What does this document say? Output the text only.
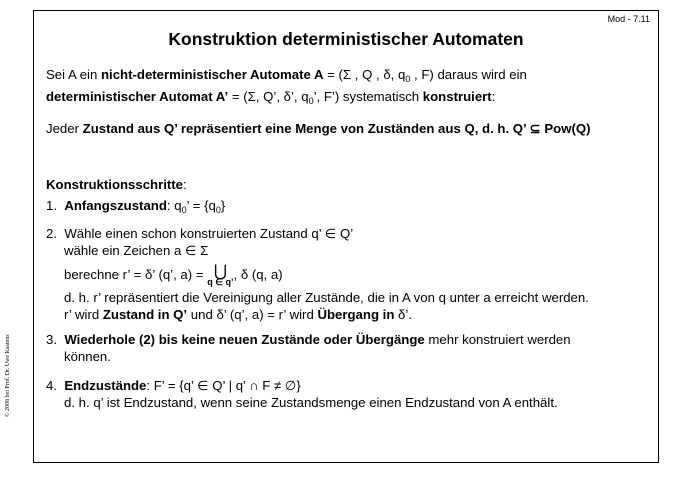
Mod - 7.11
Konstruktion deterministischer Automaten
Sei A ein nicht-deterministischer Automate A = (Σ , Q , δ, $q_0$ , F) daraus wird ein
deterministischer Automat A’ = (Σ, Q’, δ’, $q_0$’, F’) systematisch konstruiert:
Jeder Zustand aus Q’ repräsentiert eine Menge von Zuständen aus Q, d. h. Q’ ⊆ Pow(Q)
Konstruktionsschritte:
1. Anfangszustand: $q_0$’ = $\{q_0\}$
2. Wähle einen schon konstruierten Zustand q’ ∈ Q’
wähle ein Zeichen a ∈ Σ
berechne r’ = δ’ (q’, a) = ⋃
q ∈ q’ , δ (q, a)
d. h. r’ repräsentiert die Vereinigung aller Zustände, die in A von q unter a erreicht werden.
r’ wird Zustand in Q’ und δ’ (q’, a) = r’ wird Übergang in δ’.
3. Wiederhole (2) bis keine neuen Zustände oder Übergänge mehr konstruiert werden
können.
4. Endzustände: F’ = {q’ ∈ Q’ | q’ ∩ F ≠ ∅}
d. h. q’ ist Endzustand, wenn seine Zustandsmenge einen Endzustand von A enthält.
© 2008 bei Prof. Dr. Uwe Kastens
